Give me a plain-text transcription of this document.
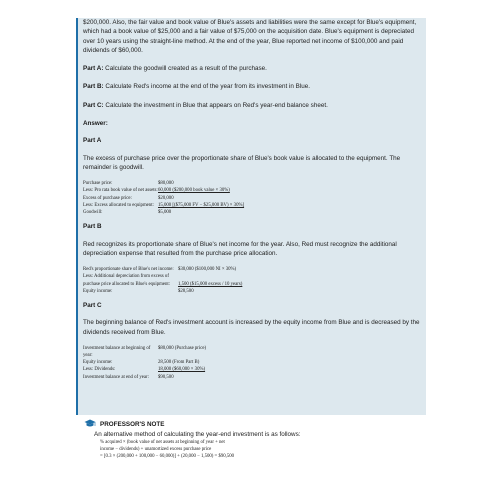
$200,000. Also, the fair value and book value of Blue's assets and liabilities were the same except for Blue's equipment, which had a book value of $25,000 and a fair value of $75,000 on the acquisition date. Blue's equipment is depreciated over 10 years using the straight-line method. At the end of the year, Blue reported net income of $100,000 and paid dividends of $60,000.

Part A: Calculate the goodwill created as a result of the purchase.

Part B: Calculate Red's income at the end of the year from its investment in Blue.

Part C: Calculate the investment in Blue that appears on Red's year-end balance sheet.

Answer:

Part A

The excess of purchase price over the proportionate share of Blue's book value is allocated to the equipment. The remainder is goodwill.

Purchase price:	$80,000
Less: Pro rata book value of net assets: 60,000 ($200,000 book value × 30%)
Excess of purchase price:	$20,000
Less: Excess allocated to equipment: 15,000 [($75,000 FV − $25,000 BV) × 30%]
Goodwill:	$5,000

Part B

Red recognizes its proportionate share of Blue's net income for the year. Also, Red must recognize the additional depreciation expense that resulted from the purchase price allocation.

Red's proportionate share of Blue's net income: $30,000 ($100,000 NI × 30%)
Less: Additional depreciation from excess of
purchase price allocated to Blue's equipment:	1,500 ($15,000 excess / 10 years)
Equity income:	$28,500

Part C

The beginning balance of Red's investment account is increased by the equity income from Blue and is decreased by the dividends received from Blue.

Investment balance at beginning of year:
$80,000 (Purchase price)
Equity income:	28,500 (From Part B)
Less: Dividends:	18,000 ($60,000 × 30%)
Investment balance at end of year:	$90,500
PROFESSOR'S NOTE

An alternative method of calculating the year-end investment is as follows:

% acquired × (book value of net assets at beginning of year + net
income − dividends) + unamortized excess purchase price
= [0.3 × (200,000 + 100,000 − 60,000)] + (20,000 − 1,500) = $90,500
